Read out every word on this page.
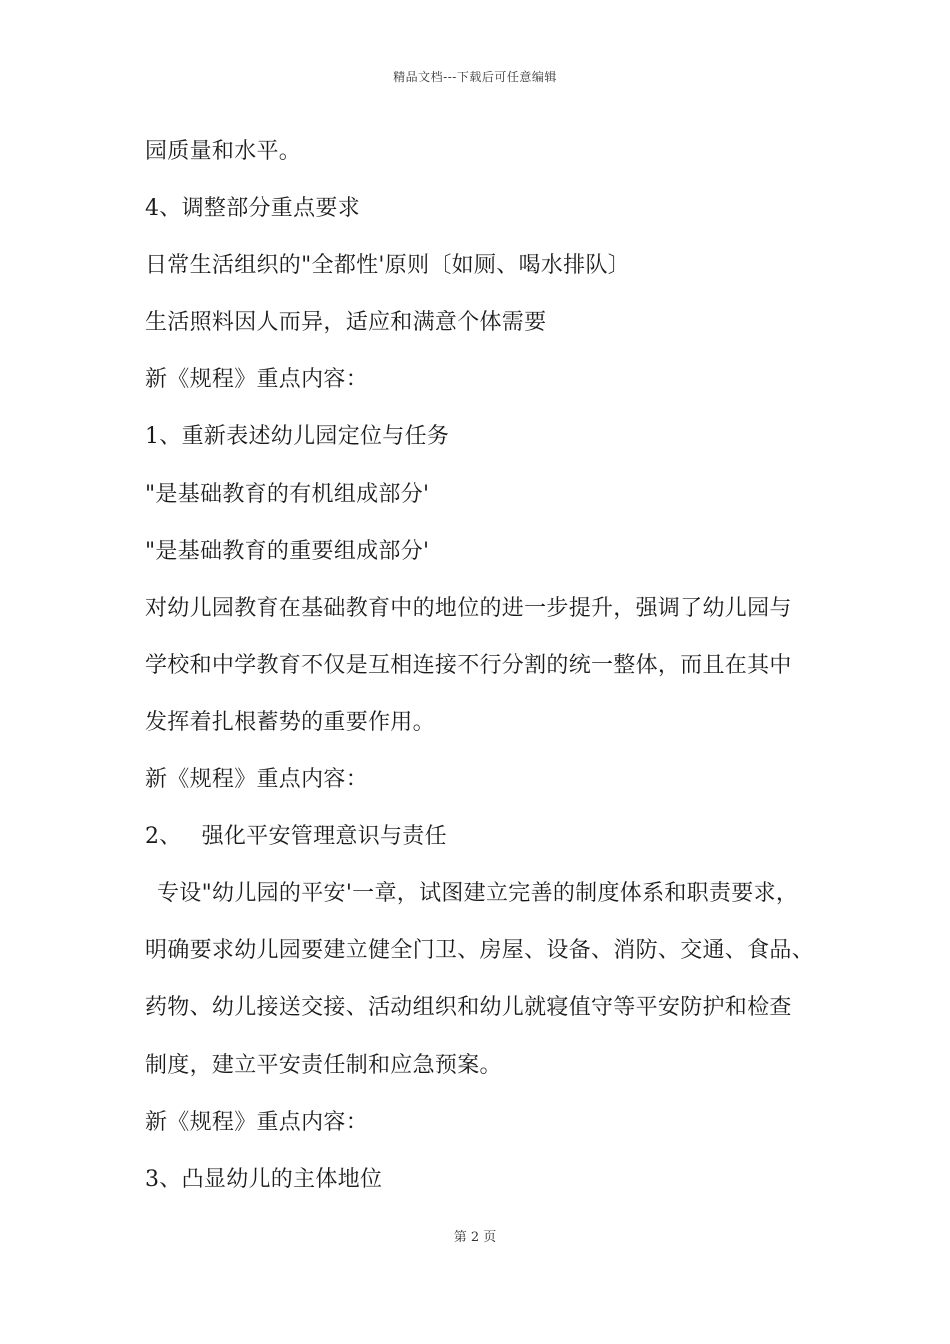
精品文档---下载后可任意编辑
园质量和水平。
4、调整部分重点要求
日常生活组织的"全都性'原则〔如厕、喝水排队〕
生活照料因人而异，适应和满意个体需要
新《规程》重点内容：
1、重新表述幼儿园定位与任务
"是基础教育的有机组成部分'
"是基础教育的重要组成部分'
对幼儿园教育在基础教育中的地位的进一步提升，强调了幼儿园与
学校和中学教育不仅是互相连接不行分割的统一整体，而且在其中
发挥着扎根蓄势的重要作用。
新《规程》重点内容：
2、 强化平安管理意识与责任
专设"幼儿园的平安'一章，试图建立完善的制度体系和职责要求，
明确要求幼儿园要建立健全门卫、房屋、设备、消防、交通、食品、
药物、幼儿接送交接、活动组织和幼儿就寝值守等平安防护和检查
制度，建立平安责任制和应急预案。
新《规程》重点内容：
3、凸显幼儿的主体地位
第 2 页
